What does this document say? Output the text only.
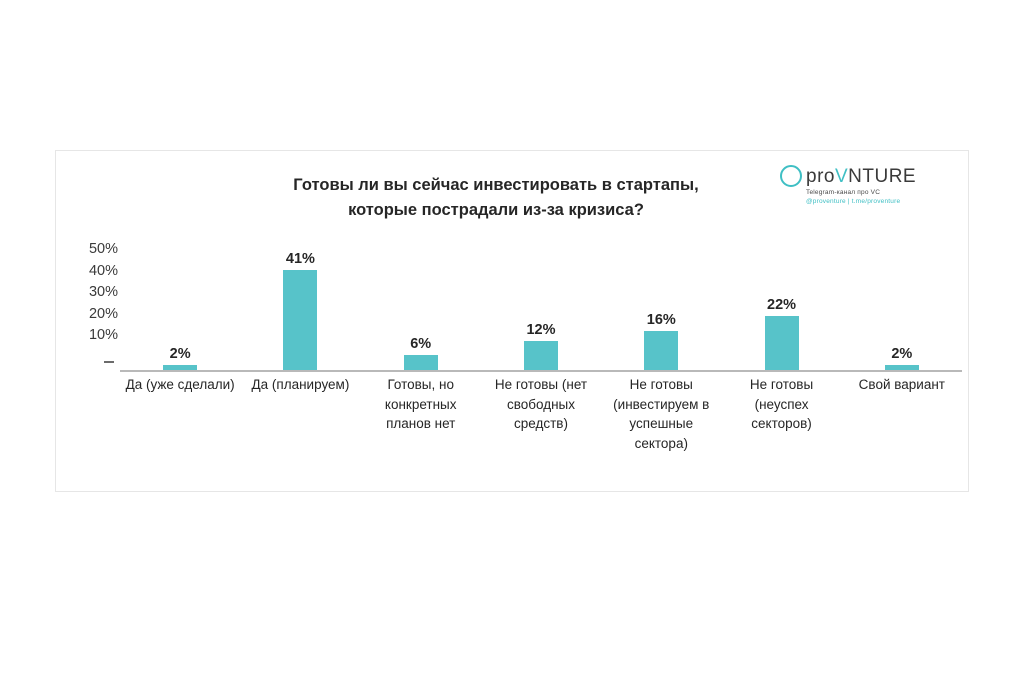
proVNTURE
Telegram-канал про VC
@proventure | t.me/proventure
Готовы ли вы сейчас инвестировать в стартапы,
которые пострадали из-за кризиса?
50%
40%
30%
20%
10%
2%
41%
6%
12%
16%
22%
2%
Да (уже сделали)	Да (планируем)	Готовы, но конкретных планов нет
Не готовы (нет свободных средств)
Не готовы (инвестируем в успешные сектора)
Не готовы (неуспех секторов)
Свой вариант
